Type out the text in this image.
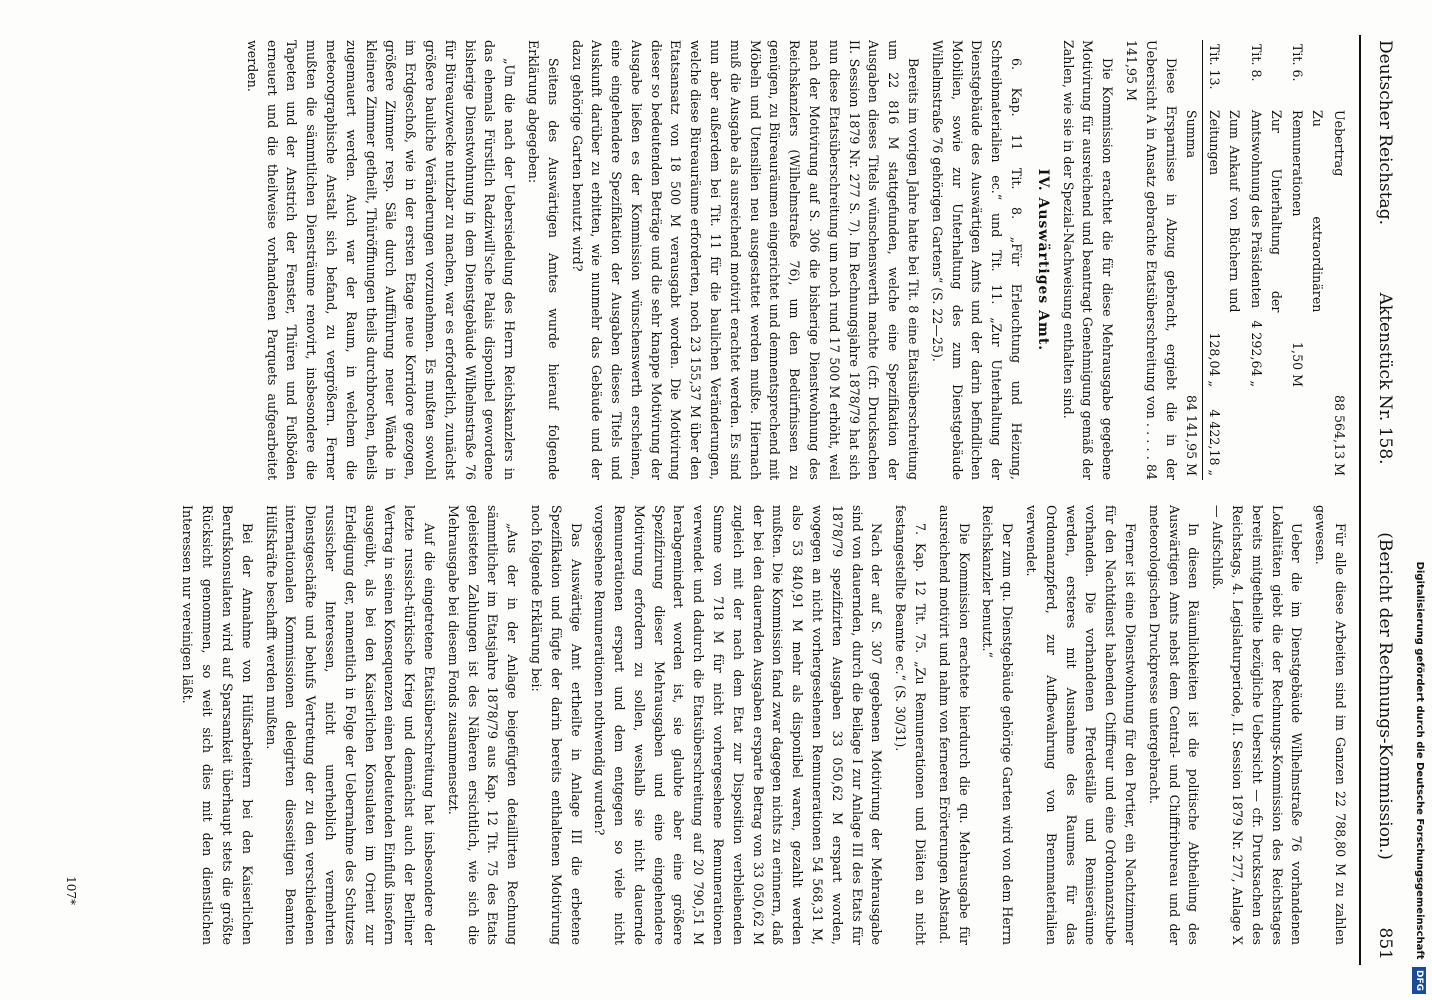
Deutscher Reichstag.
Aktenstück Nr. 158.
(Bericht der Rechnungs-Kommission.)
851
	Uebertrag		88 564,13 M
Tit. 6.	Zu extraordinären Remunerationen	1,50 M	
Tit. 8.	Zur Unterhaltung der Amtswohnung des Präsidenten	4 292,64 „	
Tit. 13.	Zum Ankauf von Büchern und Zeitungen	128,04 „	4 422,18 „
	Summa		84 141,95 M

Diese Ersparnisse in Abzug gebracht, ergiebt die in der Uebersicht A in Ansatz gebrachte Etatsüberschreitung von . . . . . 84 141,95 M

Die Kommission erachtet die für diese Mehrausgabe gegebene Motivirung für ausreichend und beantragt Genehmigung gemäß der Zahlen, wie sie in der Spezial-Nachweisung enthalten sind.

IV. Auswärtiges Amt.

6. Kap. 11 Tit. 8. „Für Erleuchtung und Heizung, Schreibmaterialien ec.“ und Tit. 11. „Zur Unterhaltung der Dienstgebäude des Auswärtigen Amts und der darin befindlichen Mobilien, sowie zur Unterhaltung des zum Dienstgebäude Wilhelmstraße 76 gehörigen Gartens“ (S. 22—25).

Bereits im vorigen Jahre hatte bei Tit. 8 eine Etatsüberschreitung um 22 816 M stattgefunden, welche eine Spezifikation der Ausgaben dieses Titels wünschenswerth machte (cfr. Drucksachen II. Session 1879 Nr. 277 S. 7). Im Rechnungsjahre 1878/79 hat sich nun diese Etatsüberschreitung um noch rund 17 500 M erhöht, weil nach der Motivirung auf S. 306 die bisherige Dienstwohnung des Reichskanzlers (Wilhelmstraße 76), um den Bedürfnissen zu genügen, zu Büreauräumen eingerichtet und demnentsprechend mit Möbeln und Utensilien neu ausgestattet werden mußte. Hiernach muß die Ausgabe als ausreichend motivirt erachtet werden. Es sind nun aber außerdem bei Tit. 11 für die baulichen Veränderungen, welche diese Büreauräume erforderten, noch 23 155,37 M über den Etatsansatz von 18 500 M verausgabt worden. Die Motivirung dieser so bedeutenden Beträge und die sehr knappe Motivirung der Ausgabe ließen es der Kommission wünschenswerth erscheinen, eine eingehendere Spezifikation der Ausgaben dieses Titels und Auskunft darüber zu erbitten, wie nunmehr das Gebäude und der dazu gehörige Garten benutzt wird?

Seitens des Auswärtigen Amtes wurde hierauf folgende Erklärung abgegeben:

„Um die nach der Uebersiedelung des Herrn Reichskanzlers in das ehemals Fürstlich Radziwill'sche Palais disponibel gewordene bisherige Dienstwohnung in dem Dienstgebäude Wilhelmstraße 76 für Büreauzwecke nutzbar zu machen, war es erforderlich, zunächst größere bauliche Veränderungen vorzunehmen. Es mußten sowohl im Erdgeschoß, wie in der ersten Etage neue Korridore gezogen, größere Zimmer resp. Säle durch Aufführung neuer Wände in kleinere Zimmer getheilt, Thüröffnungen theils durchbrochen, theils zugemauert werden. Auch war der Raum, in welchem die meteorographische Anstalt sich befand, zu vergrößern. Ferner mußten die sämmtlichen Diensträume renovirt, insbesondere die Tapeten und der Anstrich der Fenster, Thüren und Fußböden erneuert und die theilweise vorhandenen Parquets aufgearbeitet werden.

Für alle diese Arbeiten sind im Ganzen 22 788,80 M zu zahlen gewesen.

Ueber die im Dienstgebäude Wilhelmstraße 76 vorhandenen Lokalitäten giebt die der Rechnungs-Kommission des Reichstages bereits mitgetheilte bezügliche Uebersicht — cfr. Drucksachen des Reichstags, 4. Legislaturperiode, II. Session 1879 Nr. 277, Anlage X — Aufschluß.

In diesen Räumlichkeiten ist die politische Abtheilung des Auswärtigen Amts nebst dem Central- und Chiffrirbureau und der meteorologischen Druckpresse untergebracht.

Ferner ist eine Dienstwohnung für den Portier, ein Nachtzimmer für den Nachtdienst habenden Chiffreur und eine Ordonnanzstube vorhanden. Die vorhandenen Pferdeställe und Remiseräume werden, ersteres mit Ausnahme des Raumes für das Ordonnanzpferd, zur Aufbewahrung von Brennmaterialien verwendet.

Der zum qu. Dienstgebäude gehörige Garten wird von dem Herrn Reichskanzler benutzt.“

Die Kommission erachtete hierdurch die qu. Mehrausgabe für ausreichend motivirt und nahm von ferneren Erörterungen Abstand.

7. Kap. 12 Tit. 75. „Zu Remunerationen und Diäten an nicht festangestellte Beamte ec.“ (S. 30/31).

Nach der auf S. 307 gegebenen Motivirung der Mehrausgabe sind von dauernden, durch die Beilage I zur Anlage III des Etats für 1878/79 spezifizirten Ausgaben 33 050,62 M erspart worden, wogegen an nicht vorhergesehenen Remunerationen 54 568,31 M, also 53 840,91 M mehr als disponibel waren, gezahlt werden mußten. Die Kommission fand zwar dagegen nichts zu erinnern, daß der bei den dauernden Ausgaben ersparte Betrag von 33 050,62 M zugleich mit der nach dem Etat zur Disposition verbleibenden Summe von 718 M für nicht vorhergesehene Remunerationen verwendet und dadurch die Etatsüberschreitung auf 20 790,51 M herabgemindert worden ist, sie glaubte aber eine größere Spezifizirung dieser Mehrausgaben und eine eingehendere Motivirung erfordern zu sollen, weshalb sie nicht dauernde Remunerationen erspart und dem entgegen so viele nicht vorgesehene Remunerationen nothwendig wurden?

Das Auswärtige Amt ertheilte in Anlage III die erbetene Spezifikation und fügte der darin bereits enthaltenen Motivirung noch folgende Erklärung bei:

„Aus der in der Anlage beigefügten detaillirten Rechnung sämmtlicher im Etatsjahre 1878/79 aus Kap. 12 Tit. 75 des Etats geleisteten Zahlungen ist des Näheren ersichtlich, wie sich die Mehrausgabe bei diesem Fonds zusammensetzt.

Auf die eingetretene Etatsüberschreitung hat insbesondere der letzte russisch-türkische Krieg und demnächst auch der Berliner Vertrag in seinen Konsequenzen einen bedeutenden Einfluß insofern ausgeübt, als bei den Kaiserlichen Konsulaten im Orient zur Erledigung der, namentlich in Folge der Uebernahme des Schutzes russischer Interessen, nicht unerheblich vermehrten Dienstgeschäfte und behufs Vertretung der zu den verschiedenen internationalen Kommissionen delegirten diesseitigen Beamten Hülfskräfte beschafft werden mußten.

Bei der Annahme von Hülfsarbeitern bei den Kaiserlichen Berufskonsulaten wird auf Sparsamkeit überhaupt stets die größte Rücksicht genommen, so weit sich dies mit den dienstlichen Interessen nur vereinigen läßt.

107*	Digitalisierung gefördert durch die Deutsche Forschungsgemeinschaft DFG
